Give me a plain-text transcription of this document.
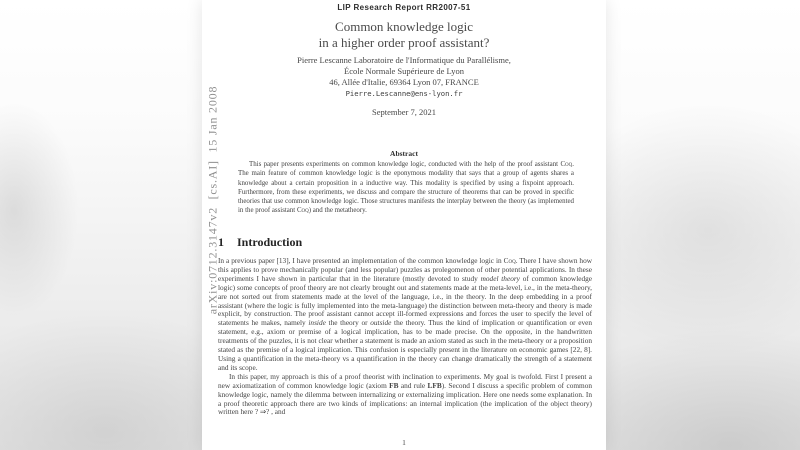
LIP Research Report RR2007-51
Common knowledge logic
in a higher order proof assistant?
Pierre Lescanne Laboratoire de l'Informatique du Parallélisme,
École Normale Supérieure de Lyon
46, Allée d'Italie, 69364 Lyon 07, FRANCE
Pierre.Lescanne@ens-lyon.fr
September 7, 2021
Abstract
This paper presents experiments on common knowledge logic, conducted with the help of the proof assistant Coq. The main feature of common knowledge logic is the eponymous modality that says that a group of agents shares a knowledge about a certain proposition in a inductive way. This modality is specified by using a fixpoint approach. Furthermore, from these experiments, we discuss and compare the structure of theorems that can be proved in specific theories that use common knowledge logic. Those structures manifests the interplay between the theory (as implemented in the proof assistant Coq) and the metatheory.
1 Introduction

In a previous paper [13], I have presented an implementation of the common knowledge logic in Coq. There I have shown how this applies to prove mechanically popular (and less popular) puzzles as prolegomenon of other potential applications. In these experiments I have shown in particular that in the literature (mostly devoted to study model theory of common knowledge logic) some concepts of proof theory are not clearly brought out and statements made at the meta-level, i.e., in the meta-theory, are not sorted out from statements made at the level of the language, i.e., in the theory. In the deep embedding in a proof assistant (where the logic is fully implemented into the meta-language) the distinction between meta-theory and theory is made explicit, by construction. The proof assistant cannot accept ill-formed expressions and forces the user to specify the level of statements he makes, namely inside the theory or outside the theory. Thus the kind of implication or quantification or even statement, e.g., axiom or premise of a logical implication, has to be made precise. On the opposite, in the handwritten treatments of the puzzles, it is not clear whether a statement is made an axiom stated as such in the meta-theory or a proposition stated as the premise of a logical implication. This confusion is especially present in the literature on economic games [22, 8]. Using a quantification in the meta-theory vs a quantification in the theory can change dramatically the strength of a statement and its scope.

In this paper, my approach is this of a proof theorist with inclination to experiments. My goal is twofold. First I present a new axiomatization of common knowledge logic (axiom FB and rule LFB). Second I discuss a specific problem of common knowledge logic, namely the dilemma between internalizing or externalizing implication. Here one needs some explanation. In a proof theoretic approach there are two kinds of implications: an internal implication (the implication of the object theory) written here ? ⇒? , and

1
arXiv:0712.3147v2  [cs.AI]  15 Jan 2008
